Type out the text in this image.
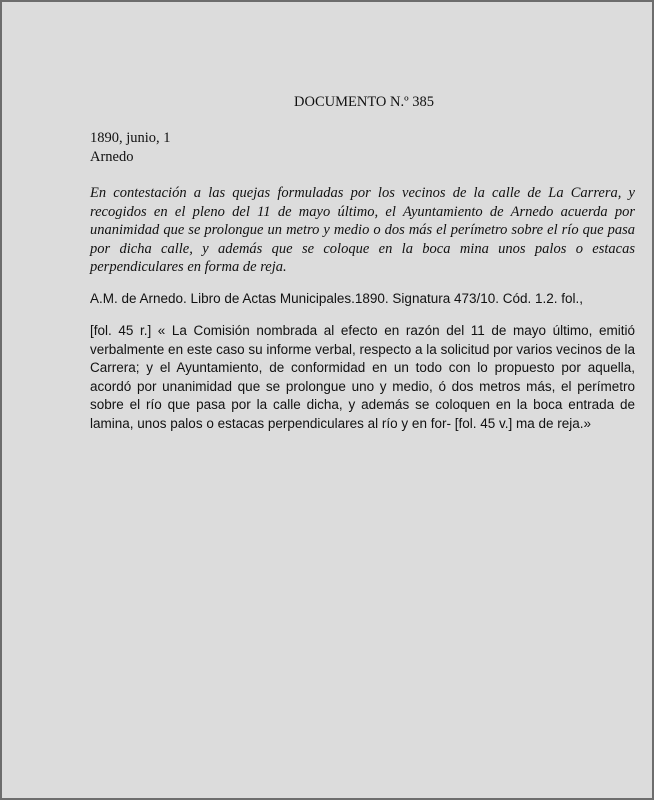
DOCUMENTO N.º 385
1890, junio, 1
Arnedo
En contestación a las quejas formuladas por los vecinos de la calle de La Carrera, y recogidos en el pleno del 11 de mayo último, el Ayuntamiento de Arnedo acuerda por unanimidad que se prolongue un metro y medio o dos más el perímetro sobre el río que pasa por dicha calle, y además que se coloque en la boca mina unos palos o estacas perpendiculares en forma de reja.
A.M. de Arnedo. Libro de Actas Municipales.1890. Signatura 473/10. Cód. 1.2. fol.,
[fol. 45 r.] « La Comisión nombrada al efecto en razón del 11 de mayo último, emitió verbalmente en este caso su informe verbal, respecto a la solicitud por varios vecinos de la Carrera; y el Ayuntamiento, de conformidad en un todo con lo propuesto por aquella, acordó por unanimidad que se prolongue uno y medio, ó dos metros más, el perímetro sobre el río que pasa por la calle dicha, y además se coloquen en la boca entrada de lamina, unos palos o estacas perpendiculares al río y en for- [fol. 45 v.] ma de reja.»
